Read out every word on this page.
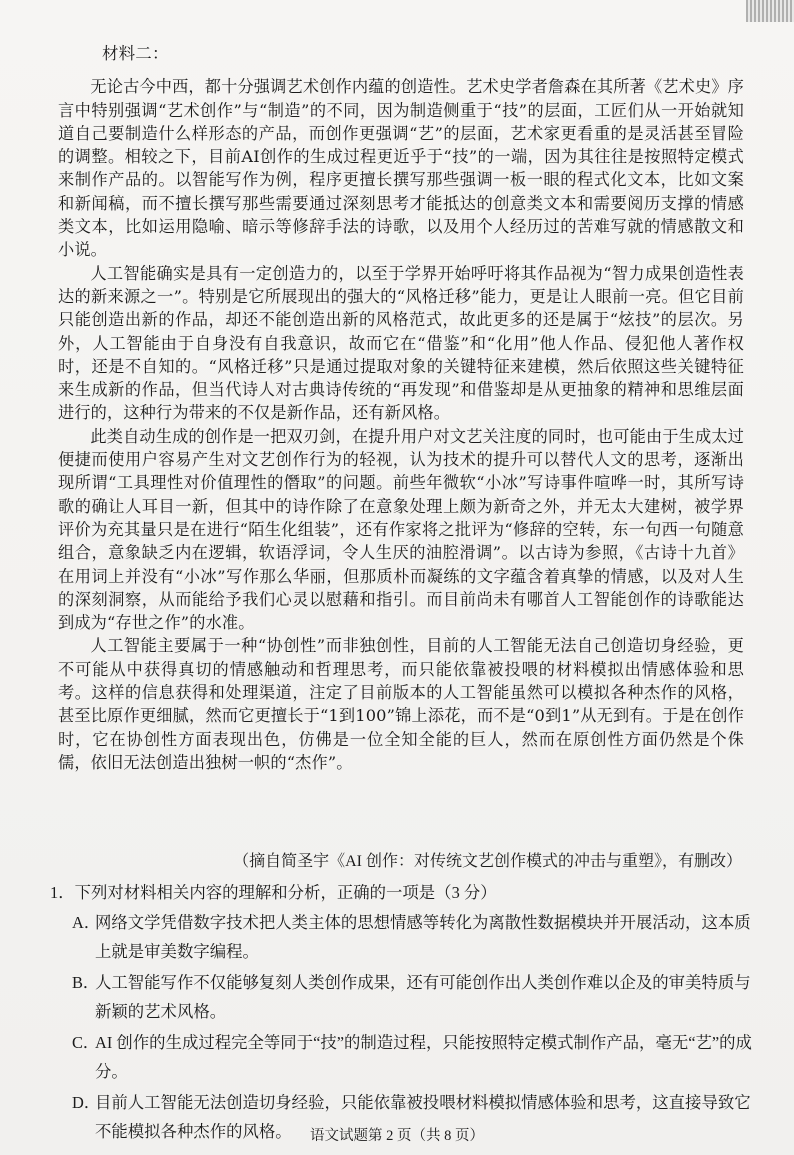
材料二：

无论古今中西，都十分强调艺术创作内蕴的创造性。艺术史学者詹森在其所著《艺术史》序言中特别强调“艺术创作”与“制造”的不同，因为制造侧重于“技”的层面，工匠们从一开始就知道自己要制造什么样形态的产品，而创作更强调“艺”的层面，艺术家更看重的是灵活甚至冒险的调整。相较之下，目前AI创作的生成过程更近乎于“技”的一端，因为其往往是按照特定模式来制作产品的。以智能写作为例，程序更擅长撰写那些强调一板一眼的程式化文本，比如文案和新闻稿，而不擅长撰写那些需要通过深刻思考才能抵达的创意类文本和需要阅历支撑的情感类文本，比如运用隐喻、暗示等修辞手法的诗歌，以及用个人经历过的苦难写就的情感散文和小说。

人工智能确实是具有一定创造力的，以至于学界开始呼吁将其作品视为“智力成果创造性表达的新来源之一”。特别是它所展现出的强大的“风格迁移”能力，更是让人眼前一亮。但它目前只能创造出新的作品，却还不能创造出新的风格范式，故此更多的还是属于“炫技”的层次。另外，人工智能由于自身没有自我意识，故而它在“借鉴”和“化用”他人作品、侵犯他人著作权时，还是不自知的。“风格迁移”只是通过提取对象的关键特征来建模，然后依照这些关键特征来生成新的作品，但当代诗人对古典诗传统的“再发现”和借鉴却是从更抽象的精神和思维层面进行的，这种行为带来的不仅是新作品，还有新风格。

此类自动生成的创作是一把双刃剑，在提升用户对文艺关注度的同时，也可能由于生成太过便捷而使用户容易产生对文艺创作行为的轻视，认为技术的提升可以替代人文的思考，逐渐出现所谓“工具理性对价值理性的僭取”的问题。前些年微软“小冰”写诗事件喧哗一时，其所写诗歌的确让人耳目一新，但其中的诗作除了在意象处理上颇为新奇之外，并无太大建树，被学界评价为充其量只是在进行“陌生化组装”，还有作家将之批评为“修辞的空转，东一句西一句随意组合，意象缺乏内在逻辑，软语浮词，令人生厌的油腔滑调”。以古诗为参照，《古诗十九首》在用词上并没有“小冰”写作那么华丽，但那质朴而凝练的文字蕴含着真挚的情感，以及对人生的深刻洞察，从而能给予我们心灵以慰藉和指引。而目前尚未有哪首人工智能创作的诗歌能达到成为“存世之作”的水准。

人工智能主要属于一种“协创性”而非独创性，目前的人工智能无法自己创造切身经验，更不可能从中获得真切的情感触动和哲理思考，而只能依靠被投喂的材料模拟出情感体验和思考。这样的信息获得和处理渠道，注定了目前版本的人工智能虽然可以模拟各种杰作的风格，甚至比原作更细腻，然而它更擅长于“1到100”锦上添花，而不是“0到1”从无到有。于是在创作时，它在协创性方面表现出色，仿佛是一位全知全能的巨人，然而在原创性方面仍然是个侏儒，依旧无法创造出独树一帜的“杰作”。

（摘自简圣宇《AI 创作：对传统文艺创作模式的冲击与重塑》，有删改）

1．下列对材料相关内容的理解和分析，正确的一项是（3 分）

A．
网络文学凭借数字技术把人类主体的思想情感等转化为离散性数据模块并开展活动，这本质上就是审美数字编程。

B．
人工智能写作不仅能够复刻人类创作成果，还有可能创作出人类创作难以企及的审美特质与新颖的艺术风格。

C．
AI 创作的生成过程完全等同于“技”的制造过程，只能按照特定模式制作产品，毫无“艺”的成分。

D．
目前人工智能无法创造切身经验，只能依靠被投喂材料模拟情感体验和思考，这直接导致它不能模拟各种杰作的风格。	语文试题第 2 页（共 8 页）
